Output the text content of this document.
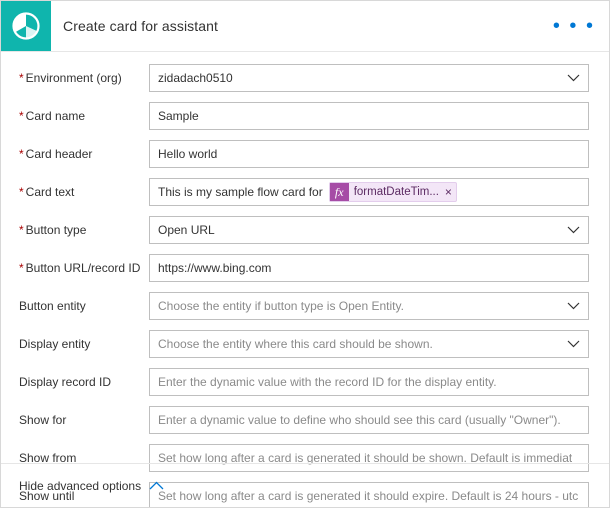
Create card for assistant	• • •
* Environment (org)	zidadach0510
* Card name	Sample
* Card header	Hello world
* Card text	This is my sample flow card for	fx formatDateTim... ×
* Button type	Open URL
* Button URL/record ID	https://www.bing.com
Button entity	Choose the entity if button type is Open Entity.
Display entity	Choose the entity where this card should be shown.
Display record ID	Enter the dynamic value with the record ID for the display entity.
Show for	Enter a dynamic value to define who should see this card (usually "Owner").
Show from	Set how long after a card is generated it should be shown. Default is immediat
Show until	Set how long after a card is generated it should expire. Default is 24 hours - utc
Hide advanced options
